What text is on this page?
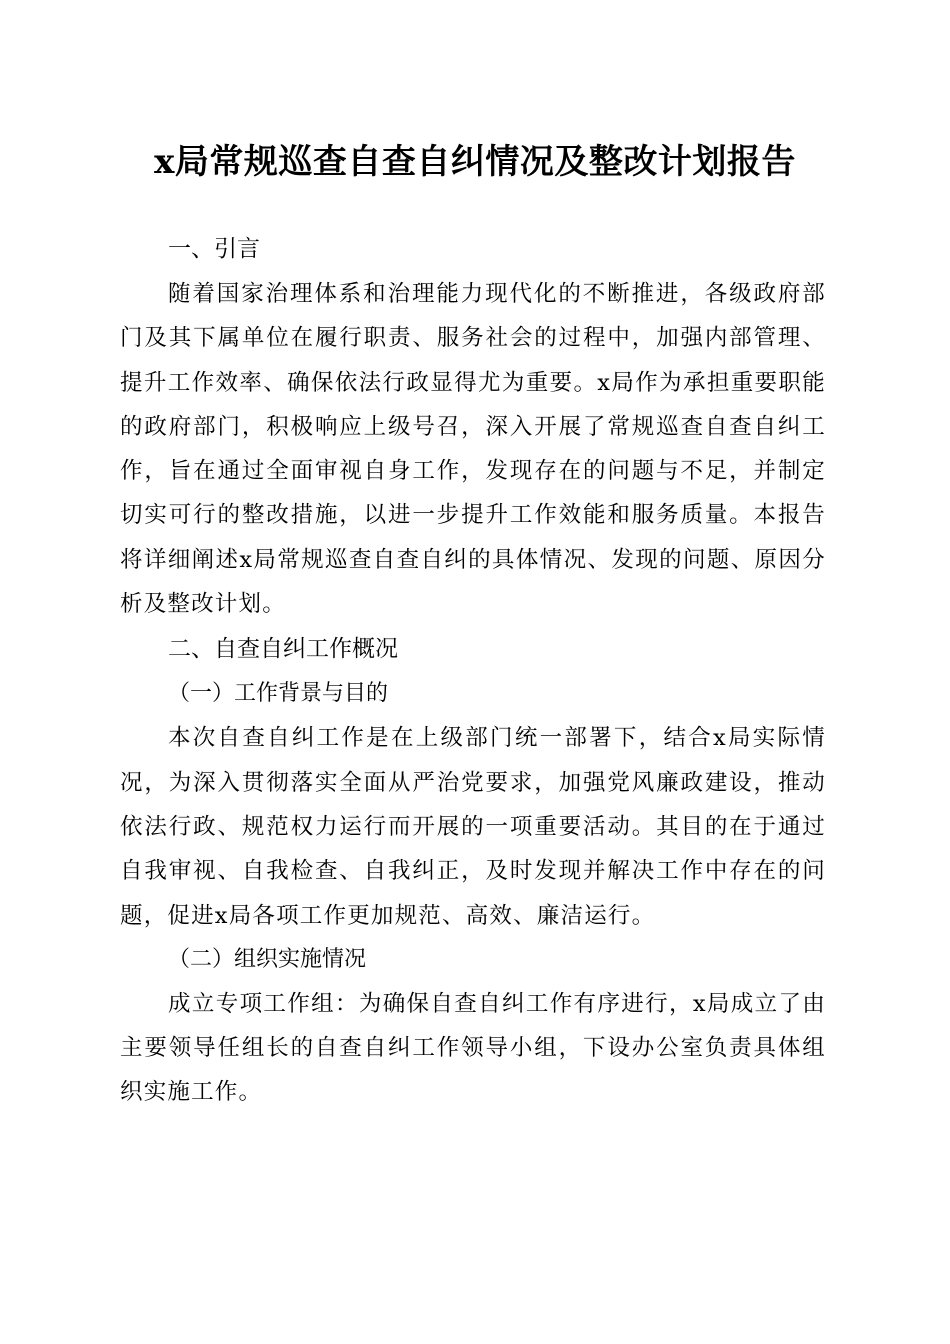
x局常规巡查自查自纠情况及整改计划报告
一、引言

随着国家治理体系和治理能力现代化的不断推进，各级政府部门及其下属单位在履行职责、服务社会的过程中，加强内部管理、提升工作效率、确保依法行政显得尤为重要。x局作为承担重要职能的政府部门，积极响应上级号召，深入开展了常规巡查自查自纠工作，旨在通过全面审视自身工作，发现存在的问题与不足，并制定切实可行的整改措施，以进一步提升工作效能和服务质量。本报告将详细阐述x局常规巡查自查自纠的具体情况、发现的问题、原因分析及整改计划。

二、自查自纠工作概况
（一）工作背景与目的

本次自查自纠工作是在上级部门统一部署下，结合x局实际情况，为深入贯彻落实全面从严治党要求，加强党风廉政建设，推动依法行政、规范权力运行而开展的一项重要活动。其目的在于通过自我审视、自我检查、自我纠正，及时发现并解决工作中存在的问题，促进x局各项工作更加规范、高效、廉洁运行。

（二）组织实施情况

成立专项工作组：为确保自查自纠工作有序进行，x局成立了由主要领导任组长的自查自纠工作领导小组，下设办公室负责具体组织实施工作。
